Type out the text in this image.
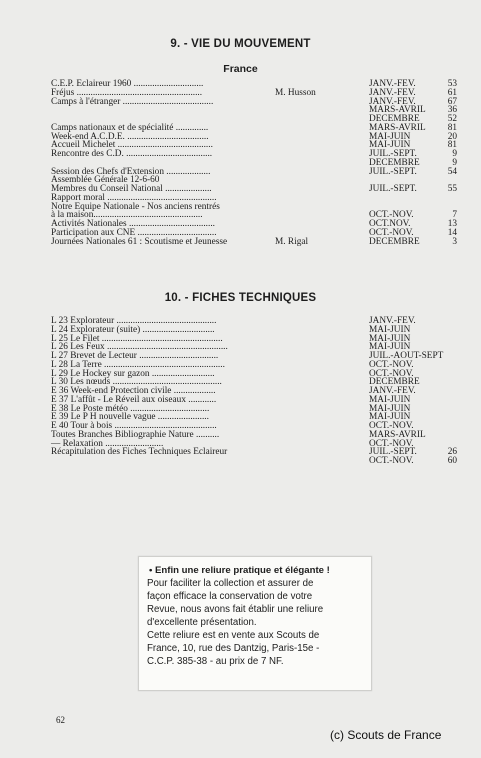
9. - VIE DU MOUVEMENT
France
C.E.P. Eclaireur 1960 ..............................	JANV.-FEV.	53
Fréjus ......................................................	M. Husson	JANV.-FEV.	61
Camps à l'étranger .......................................	JANV.-FEV.	67
MARS-AVRIL 36
DECEMBRE	52
Camps nationaux et de spécialité ..............	MARS-AVRIL 81
Week-end A.C.D.E. ...................................	MAI-JUIN	20
Accueil Michelet .........................................	MAI-JUIN	81
Rencontre des C.D. .....................................	JUIL.-SEPT.	9
DECEMBRE	9
Session des Chefs d'Extension ...................	JUIL.-SEPT.	54
Assemblée Générale 12-6-60
Membres du Conseil National ....................	JUIL.-SEPT.	55
Rapport moral ...............................................
Notre Equipe Nationale - Nos anciens rentrés
à la maison...............................................	OCT.-NOV.	7
Activités Nationales .....................................	OCT.NOV.	13
Participation aux CNE ..................................	OCT.-NOV.	14
Journées Nationales 61 : Scoutisme et Jeunesse	M. Rigal	DECEMBRE	3
10. - FICHES TECHNIQUES
L 23 Explorateur ...........................................	JANV.-FEV.
L 24 Explorateur (suite) ...............................	MAI-JUIN
L 25 Le Filet ....................................................	MAI-JUIN
L 26 Les Feux ....................................................	MAI-JUIN
L 27 Brevet de Lecteur ..................................	JUIL.-AOUT-SEPT
L 28 La Terre ....................................................	OCT.-NOV.
L 29 Le Hockey sur gazon ...........................	OCT.-NOV.
L 30 Les nœuds ...............................................	DECEMBRE
E 36 Week-end Protection civile ..................	JANV.-FEV.
E 37 L'affût - Le Réveil aux oiseaux ............	MAI-JUIN
E 38 Le Poste météo ..................................	MAI-JUIN
E 39 Le P H nouvelle vague ......................	MAI-JUIN
E 40 Tour à bois ............................................	OCT.-NOV.
Toutes Branches Bibliographie Nature ..........	MARS-AVRIL
— Relaxation .........................	OCT.-NOV.
Récapitulation des Fiches Techniques Eclaireur	JUIL.-SEPT.	26
OCT.-NOV.	60
• Enfin une reliure pratique et élégante !
Pour faciliter la collection et assurer de
façon efficace la conservation de votre
Revue, nous avons fait établir une reliure
d'excellente présentation.
Cette reliure est en vente aux Scouts de
France, 10, rue des Dantzig, Paris-15e -
C.C.P. 385-38 - au prix de 7 NF.
62
(c) Scouts de France
